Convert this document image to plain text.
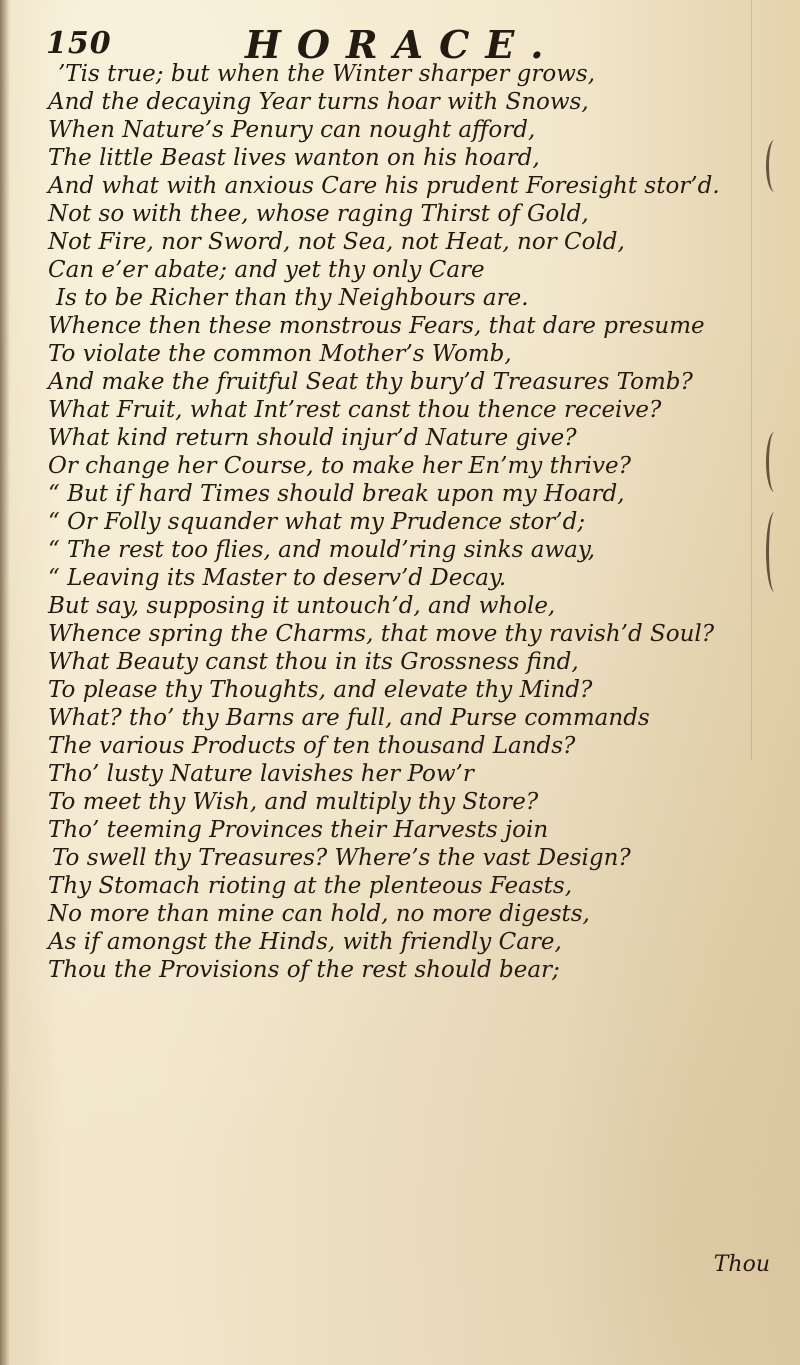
150	HORACE.
’Tis true; but when the Winter sharper grows,
And the decaying Year turns hoar with Snows,
When Nature’s Penury can nought afford,
The little Beast lives wanton on his hoard,
And what with anxious Care his prudent Foresight stor’d.
Not so with thee, whose raging Thirst of Gold,
Not Fire, nor Sword, not Sea, not Heat, nor Cold,
Can e’er abate; and yet thy only Care
Is to be Richer than thy Neighbours are.
Whence then these monstrous Fears, that dare presume
To violate the common Mother’s Womb,
And make the fruitful Seat thy bury’d Treasures Tomb?
What Fruit, what Int’rest canst thou thence receive?
What kind return should injur’d Nature give?
Or change her Course, to make her En’my thrive?
“ But if hard Times should break upon my Hoard,
“ Or Folly squander what my Prudence stor’d;
“ The rest too flies, and mould’ring sinks away,
“ Leaving its Master to deserv’d Decay.
But say, supposing it untouch’d, and whole,
Whence spring the Charms, that move thy ravish’d Soul?
What Beauty canst thou in its Grossness find,
To please thy Thoughts, and elevate thy Mind?
What? tho’ thy Barns are full, and Purse commands
The various Products of ten thousand Lands?
Tho’ lusty Nature lavishes her Pow’r
To meet thy Wish, and multiply thy Store?
Tho’ teeming Provinces their Harvests join
To swell thy Treasures? Where’s the vast Design?
Thy Stomach rioting at the plenteous Feasts,
No more than mine can hold, no more digests,
As if amongst the Hinds, with friendly Care,
Thou the Provisions of the rest should bear;
Thou
